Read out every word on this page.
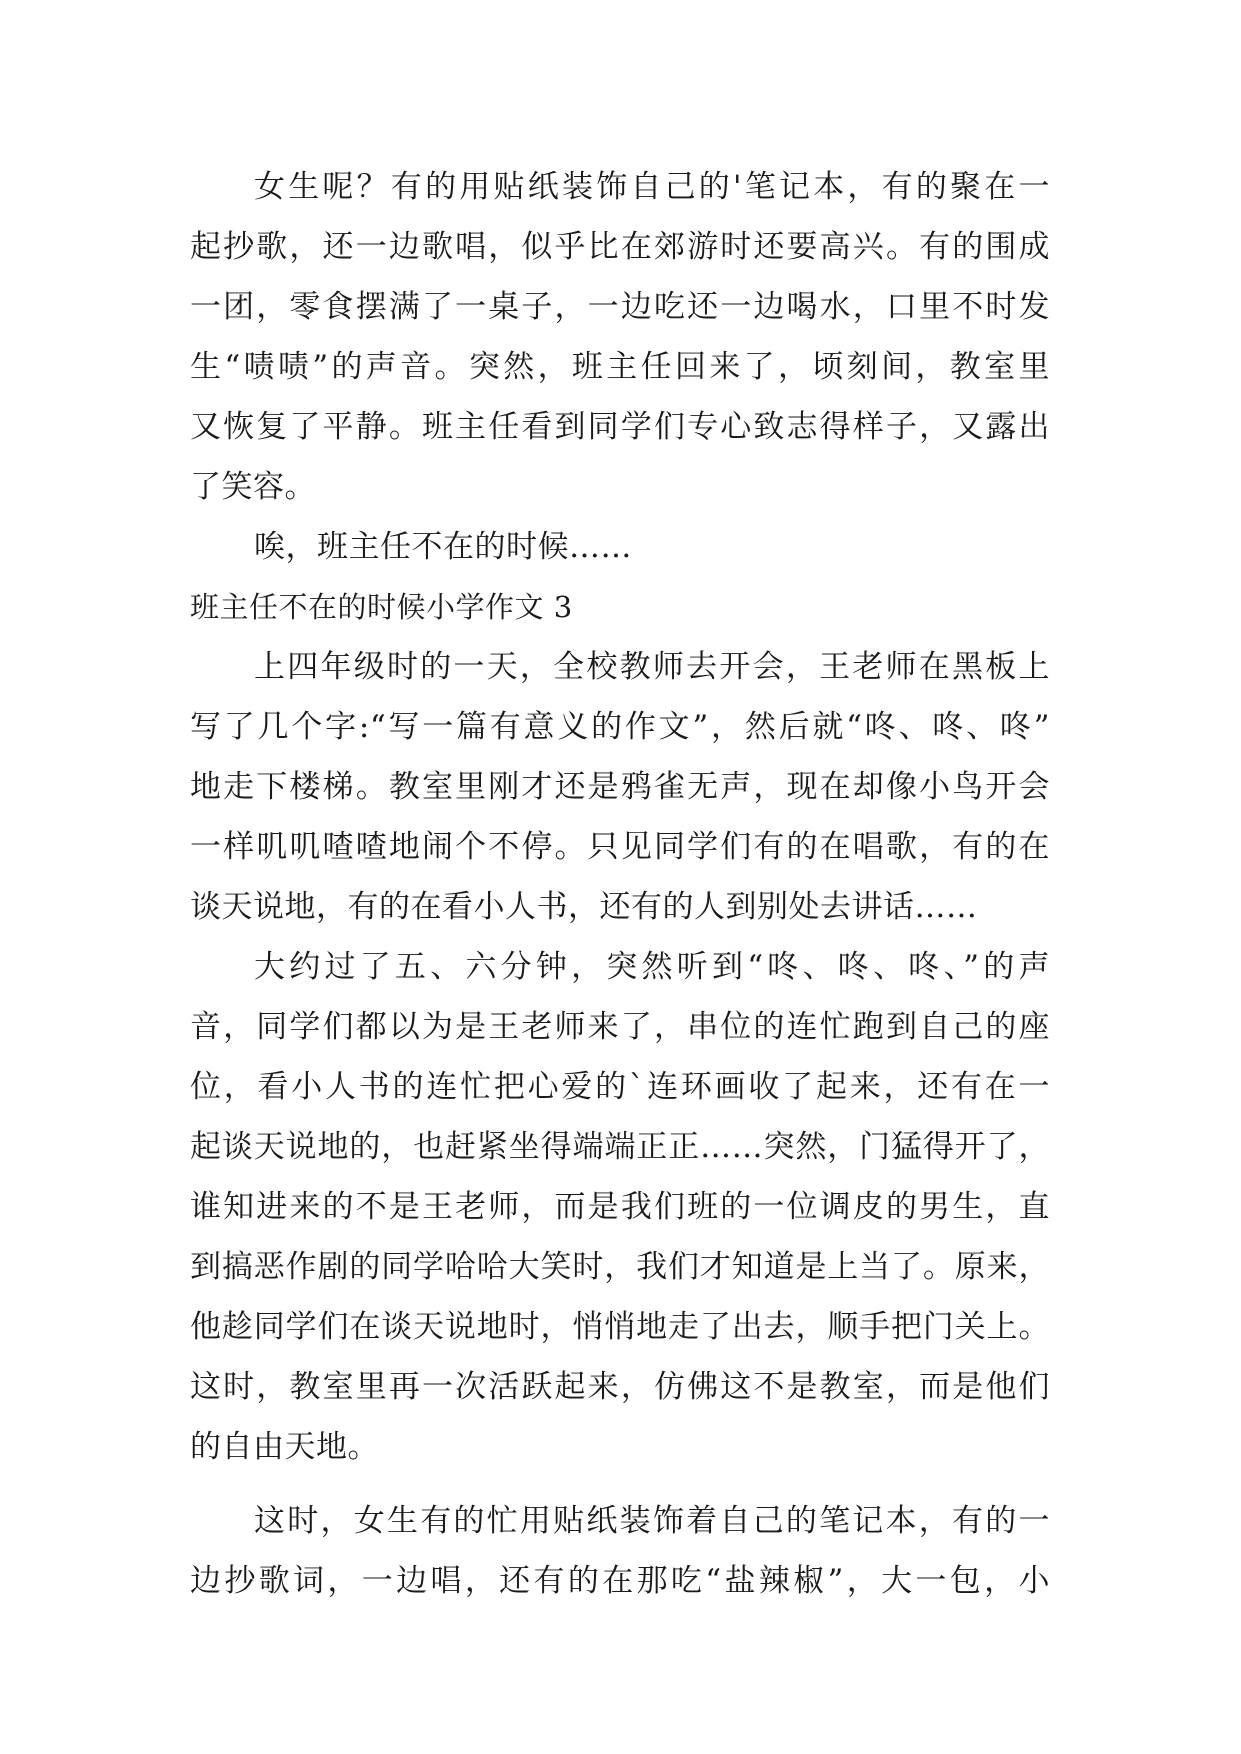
女生呢？有的用贴纸装饰自己的'笔记本，有的聚在一
起抄歌，还一边歌唱，似乎比在郊游时还要高兴。有的围成
一团，零食摆满了一桌子，一边吃还一边喝水，口里不时发
生“啧啧”的声音。突然，班主任回来了，顷刻间，教室里
又恢复了平静。班主任看到同学们专心致志得样子，又露出
了笑容。
唉，班主任不在的时候……
班主任不在的时候小学作文 3
上四年级时的一天，全校教师去开会，王老师在黑板上
写了几个字:“写一篇有意义的作文”，然后就“咚、咚、咚”
地走下楼梯。教室里刚才还是鸦雀无声，现在却像小鸟开会
一样叽叽喳喳地闹个不停。只见同学们有的在唱歌，有的在
谈天说地，有的在看小人书，还有的人到别处去讲话……
大约过了五、六分钟，突然听到“咚、咚、咚、”的声
音，同学们都以为是王老师来了，串位的连忙跑到自己的座
位，看小人书的连忙把心爱的`连环画收了起来，还有在一
起谈天说地的，也赶紧坐得端端正正……突然，门猛得开了，
谁知进来的不是王老师，而是我们班的一位调皮的男生，直
到搞恶作剧的同学哈哈大笑时，我们才知道是上当了。原来，
他趁同学们在谈天说地时，悄悄地走了出去，顺手把门关上。
这时，教室里再一次活跃起来，仿佛这不是教室，而是他们
的自由天地。
这时，女生有的忙用贴纸装饰着自己的笔记本，有的一
边抄歌词，一边唱，还有的在那吃“盐辣椒”，大一包，小
